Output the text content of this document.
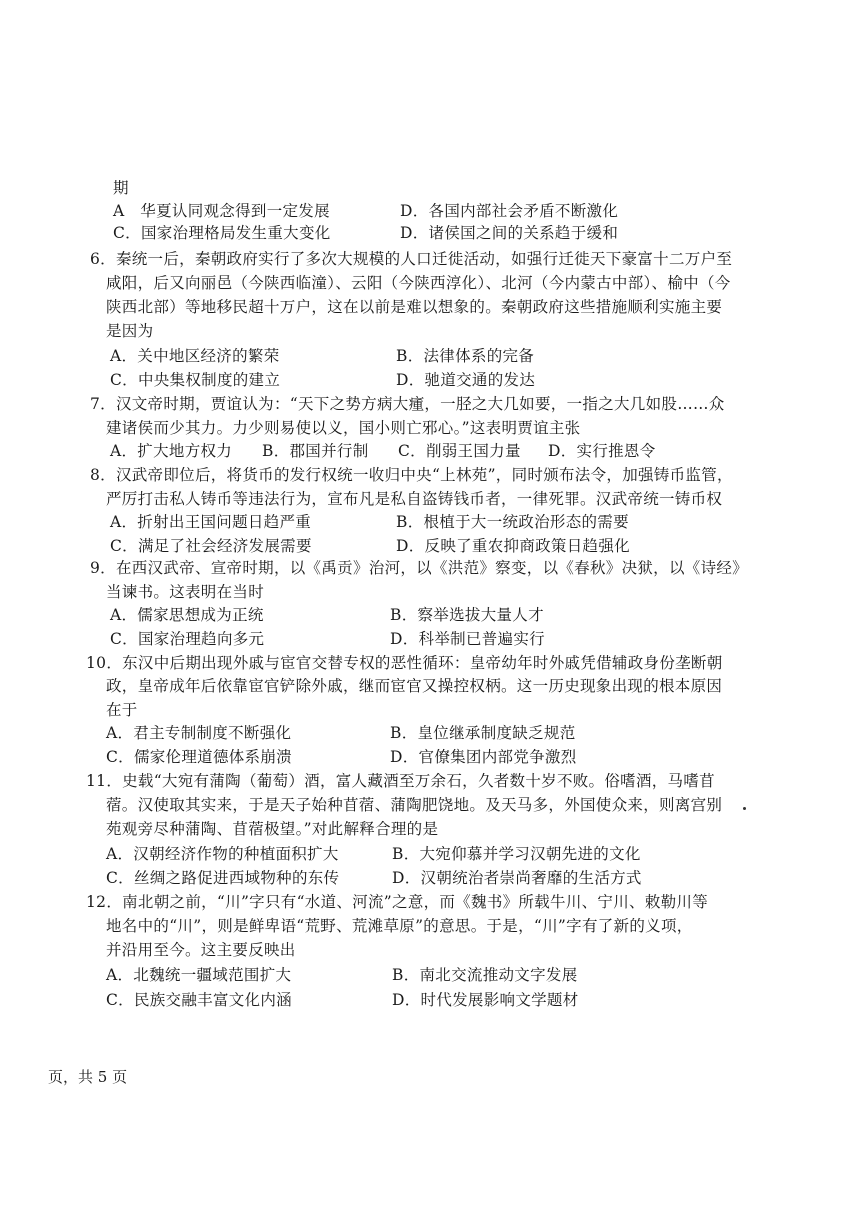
期
A　华夏认同观念得到一定发展	D．各国内部社会矛盾不断激化
C．国家治理格局发生重大变化	D．诸侯国之间的关系趋于缓和
6．秦统一后，秦朝政府实行了多次大规模的人口迁徙活动，如强行迁徙天下豪富十二万户至
咸阳，后又向丽邑（今陕西临潼）、云阳（今陕西淳化）、北河（今内蒙古中部）、榆中（今
陕西北部）等地移民超十万户，这在以前是难以想象的。秦朝政府这些措施顺利实施主要
是因为
A．关中地区经济的繁荣	B．法律体系的完备
C．中央集权制度的建立	D．驰道交通的发达
7．汉文帝时期，贾谊认为：“天下之势方病大瘇，一胫之大几如要，一指之大几如股……众
建诸侯而少其力。力少则易使以义，国小则亡邪心。”这表明贾谊主张
A．扩大地方权力 B．郡国并行制 C．削弱王国力量 D．实行推恩令
8．汉武帝即位后，将货币的发行权统一收归中央“上林苑”，同时颁布法令，加强铸币监管，
严厉打击私人铸币等违法行为，宣布凡是私自盗铸钱币者，一律死罪。汉武帝统一铸币权
A．折射出王国问题日趋严重	B．根植于大一统政治形态的需要
C．满足了社会经济发展需要	D．反映了重农抑商政策日趋强化
9．在西汉武帝、宣帝时期，以《禹贡》治河，以《洪范》察变，以《春秋》决狱，以《诗经》
当谏书。这表明在当时
A．儒家思想成为正统	B．察举选拔大量人才
C．国家治理趋向多元	D．科举制已普遍实行
10．东汉中后期出现外戚与宦官交替专权的恶性循环：皇帝幼年时外戚凭借辅政身份垄断朝
政，皇帝成年后依靠宦官铲除外戚，继而宦官又操控权柄。这一历史现象出现的根本原因
在于
A．君主专制制度不断强化	B．皇位继承制度缺乏规范
C．儒家伦理道德体系崩溃	D．官僚集团内部党争激烈
11．史载“大宛有蒲陶（葡萄）酒，富人藏酒至万余石，久者数十岁不败。俗嗜酒，马嗜苜
蓿。汉使取其实来，于是天子始种苜蓿、蒲陶肥饶地。及天马多，外国使众来，则离宫别
苑观旁尽种蒲陶、苜蓿极望。”对此解释合理的是
A．汉朝经济作物的种植面积扩大	B．大宛仰慕并学习汉朝先进的文化
C．丝绸之路促进西域物种的东传	D．汉朝统治者崇尚奢靡的生活方式
12．南北朝之前，“川”字只有“水道、河流”之意，而《魏书》所载牛川、宁川、敕勒川等
地名中的“川”，则是鲜卑语“荒野、荒滩草原”的意思。于是，“川”字有了新的义项，
并沿用至今。这主要反映出
A．北魏统一疆域范围扩大	B．南北交流推动文字发展
C．民族交融丰富文化内涵	D．时代发展影响文学题材
页，共 5 页
